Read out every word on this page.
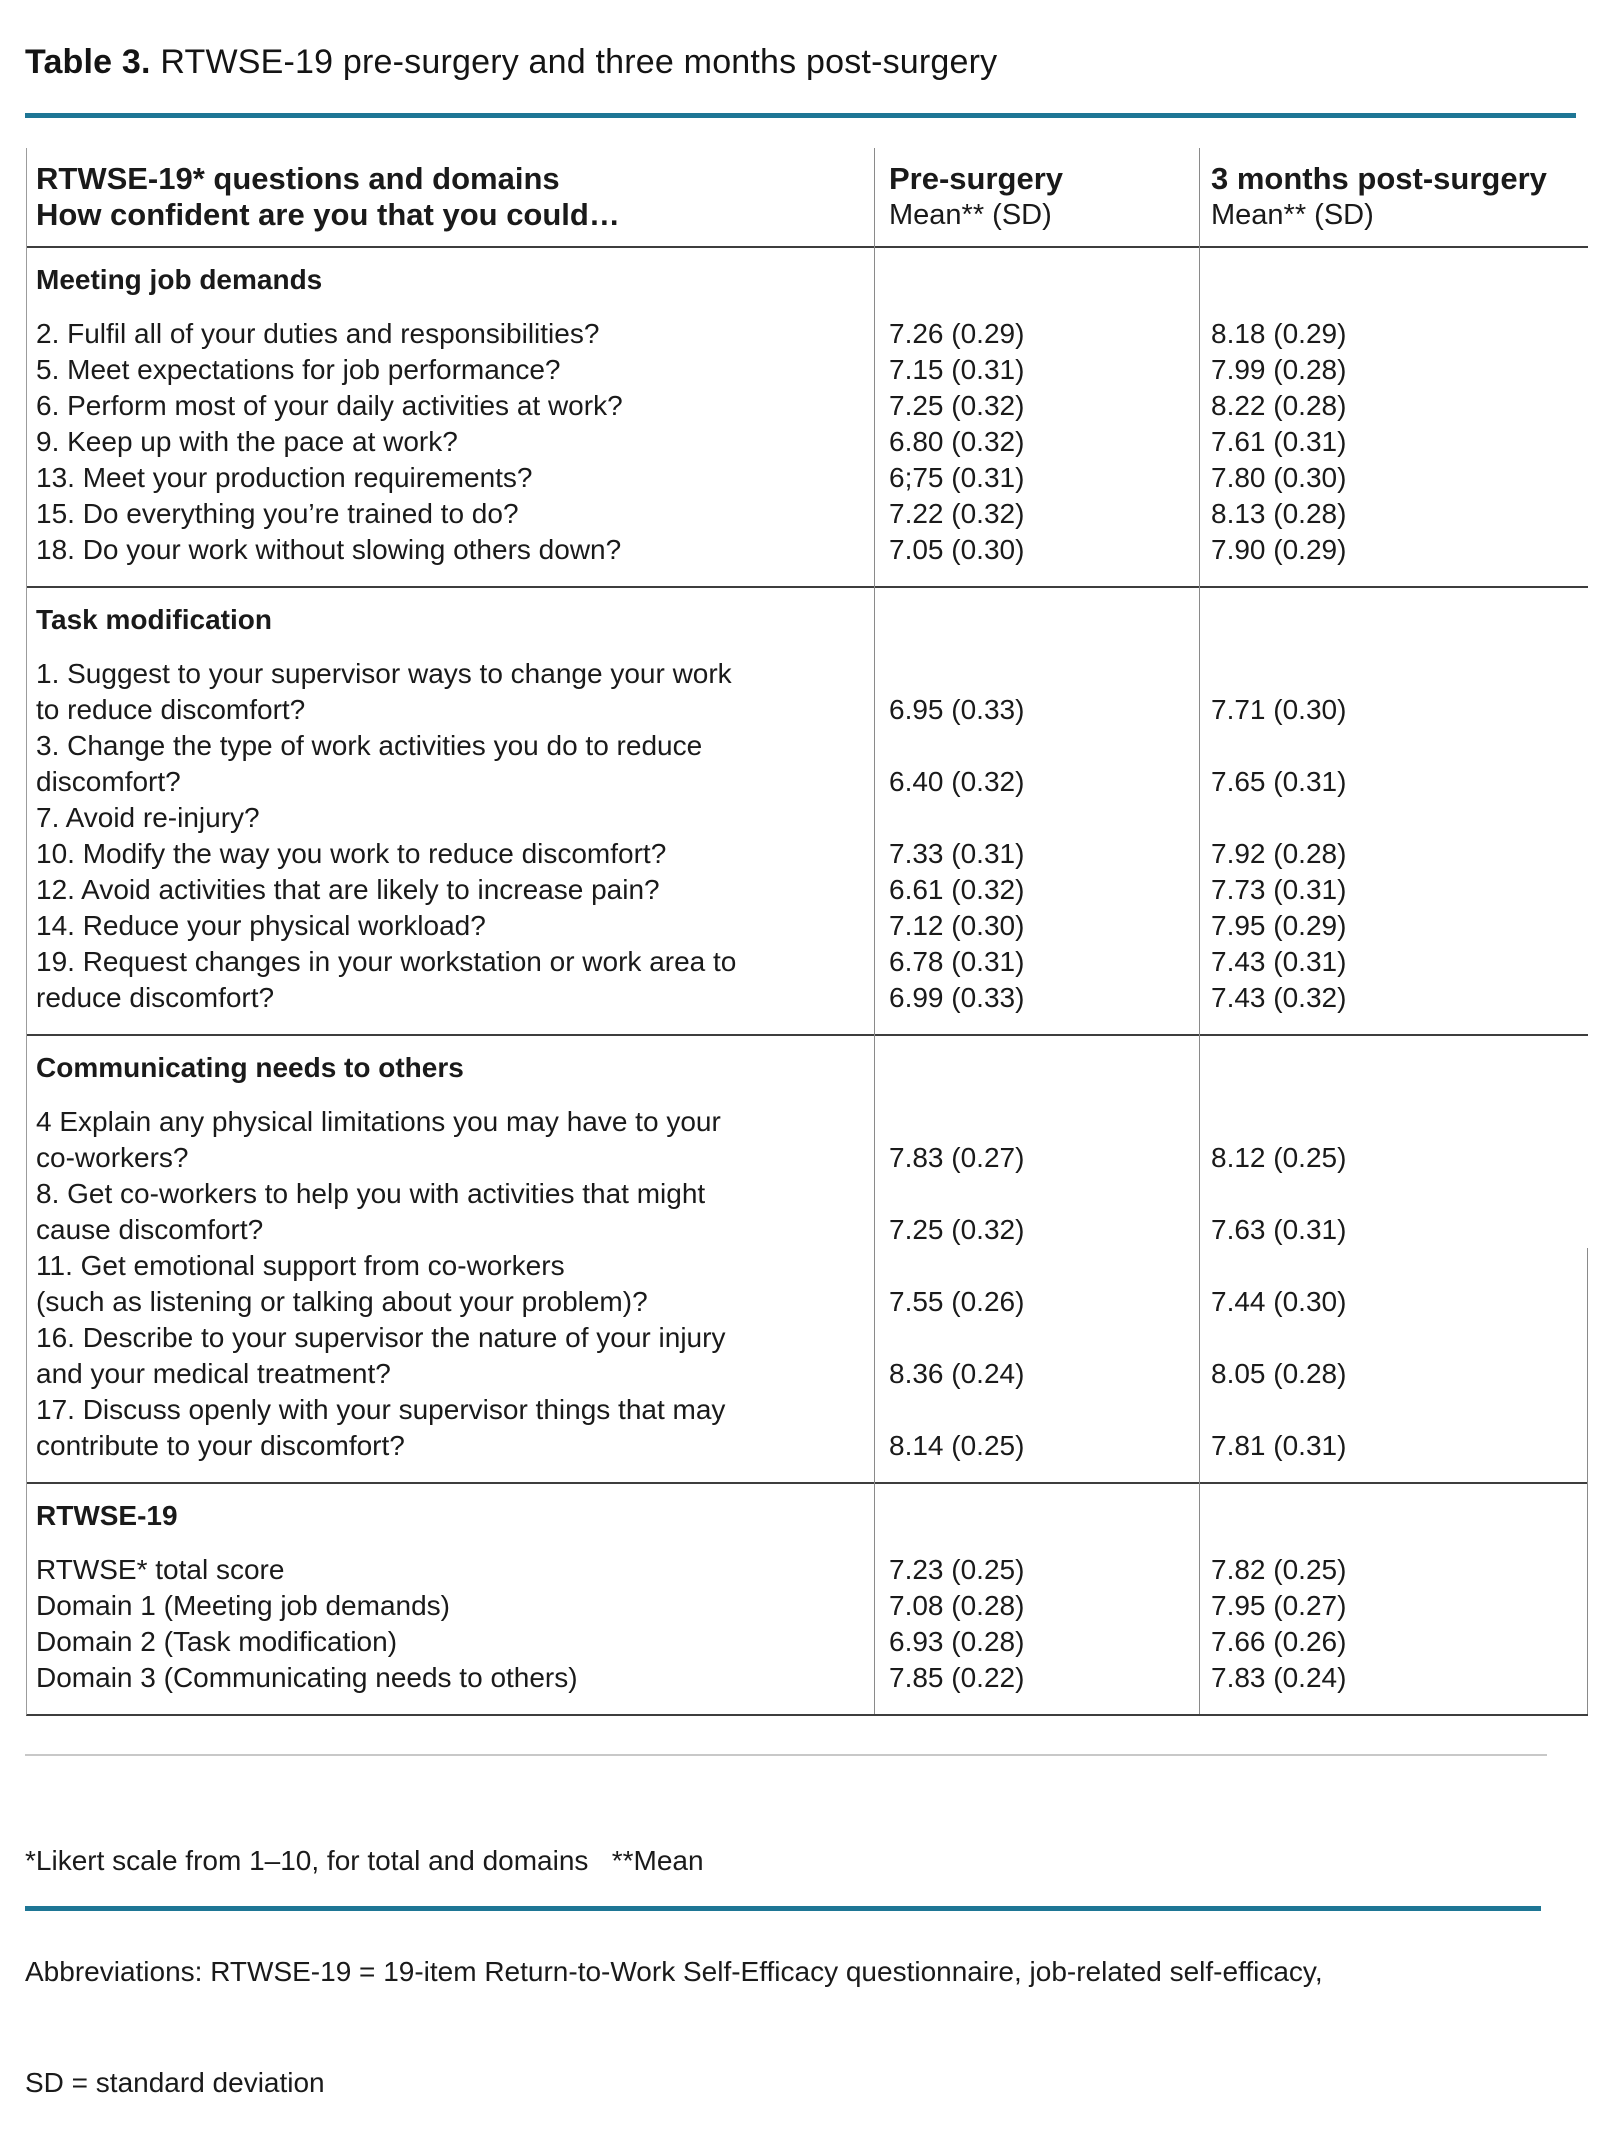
Table 3. RTWSE-19 pre-surgery and three months post-surgery
RTWSE-19* questions and domains	Pre-surgery	3 months post-surgery
How confident are you that you could…	Mean** (SD)	Mean** (SD)
Meeting job demands
2. Fulfil all of your duties and responsibilities?	7.26 (0.29)	8.18 (0.29)
5. Meet expectations for job performance?	7.15 (0.31)	7.99 (0.28)
6. Perform most of your daily activities at work?	7.25 (0.32)	8.22 (0.28)
9. Keep up with the pace at work?	6.80 (0.32)	7.61 (0.31)
13. Meet your production requirements?	6;75 (0.31)	7.80 (0.30)
15. Do everything you’re trained to do?	7.22 (0.32)	8.13 (0.28)
18. Do your work without slowing others down?	7.05 (0.30)	7.90 (0.29)
Task modification
1. Suggest to your supervisor ways to change your work
to reduce discomfort?	6.95 (0.33)	7.71 (0.30)
3. Change the type of work activities you do to reduce
discomfort?	6.40 (0.32)	7.65 (0.31)
7. Avoid re-injury?
10. Modify the way you work to reduce discomfort?	7.33 (0.31)	7.92 (0.28)
12. Avoid activities that are likely to increase pain?	6.61 (0.32)	7.73 (0.31)
14. Reduce your physical workload?	7.12 (0.30)	7.95 (0.29)
19. Request changes in your workstation or work area to	6.78 (0.31)	7.43 (0.31)
reduce discomfort?	6.99 (0.33)	7.43 (0.32)
Communicating needs to others
4 Explain any physical limitations you may have to your
co-workers?	7.83 (0.27)	8.12 (0.25)
8. Get co-workers to help you with activities that might
cause discomfort?	7.25 (0.32)	7.63 (0.31)
11. Get emotional support from co-workers
(such as listening or talking about your problem)?	7.55 (0.26)	7.44 (0.30)
16. Describe to your supervisor the nature of your injury
and your medical treatment?	8.36 (0.24)	8.05 (0.28)
17. Discuss openly with your supervisor things that may
contribute to your discomfort?	8.14 (0.25)	7.81 (0.31)
RTWSE-19
RTWSE* total score	7.23 (0.25)	7.82 (0.25)
Domain 1 (Meeting job demands)	7.08 (0.28)	7.95 (0.27)
Domain 2 (Task modification)	6.93 (0.28)	7.66 (0.26)
Domain 3 (Communicating needs to others)	7.85 (0.22)	7.83 (0.24)

*Likert scale from 1–10, for total and domains   **Mean

Abbreviations: RTWSE-19 = 19-item Return-to-Work Self-Efficacy questionnaire, job-related self-efficacy,

SD = standard deviation
